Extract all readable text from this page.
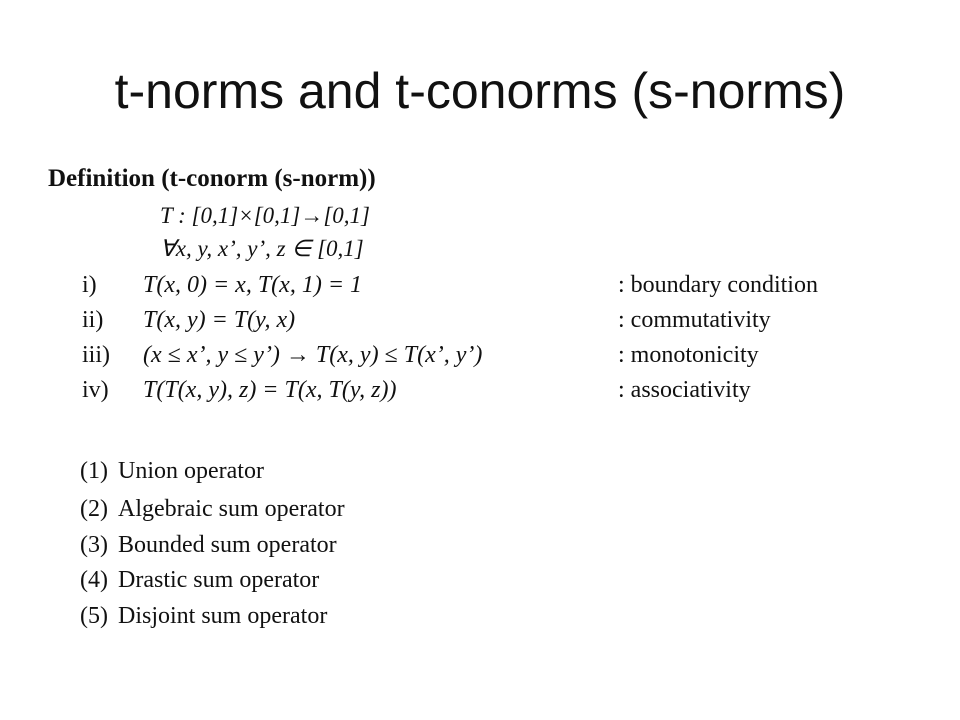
t-norms and t-conorms (s-norms)
Definition (t-conorm (s-norm))
T : [0,1]×[0,1]→[0,1]
∀x, y, x’, y’, z ∈ [0,1]
i) T(x, 0) = x, T(x, 1) = 1	: boundary condition
ii) T(x, y) = T(y, x)	: commutativity
iii) (x ≤ x’, y ≤ y’) → T(x, y) ≤ T(x’, y’)	: monotonicity
iv) T(T(x, y), z) = T(x, T(y, z))	: associativity
(1) Union operator
(2) Algebraic sum operator
(3) Bounded sum operator
(4) Drastic sum operator
(5) Disjoint sum operator
